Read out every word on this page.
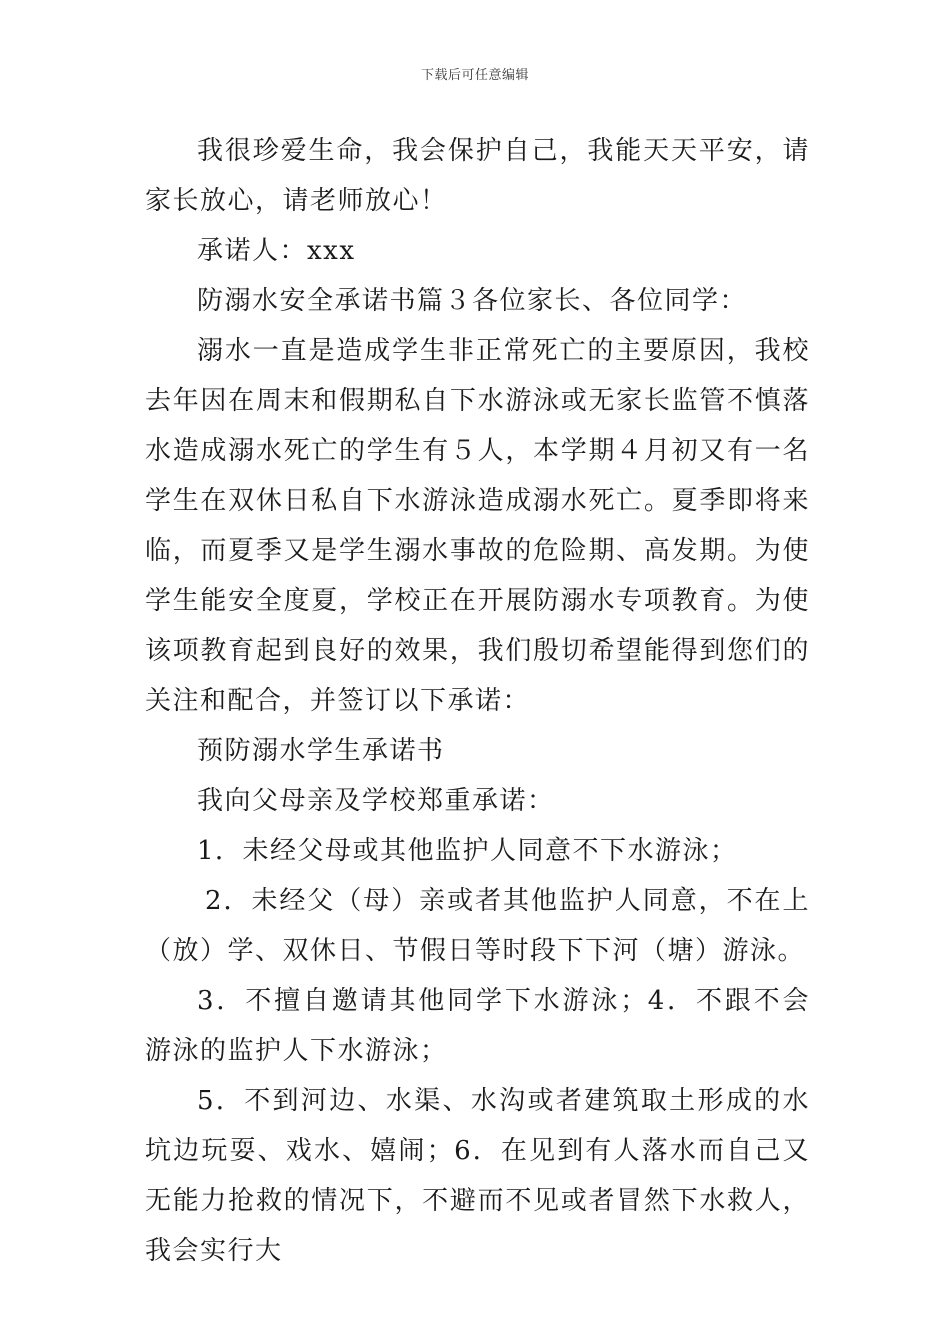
下载后可任意编辑

我很珍爱生命，我会保护自己，我能天天平安，请家长放心，请老师放心！

承诺人：xxx

防溺水安全承诺书篇３各位家长、各位同学：

溺水一直是造成学生非正常死亡的主要原因，我校去年因在周末和假期私自下水游泳或无家长监管不慎落水造成溺水死亡的学生有５人，本学期４月初又有一名学生在双休日私自下水游泳造成溺水死亡。夏季即将来临，而夏季又是学生溺水事故的危险期、高发期。为使学生能安全度夏，学校正在开展防溺水专项教育。为使该项教育起到良好的效果，我们殷切希望能得到您们的关注和配合，并签订以下承诺：

预防溺水学生承诺书

我向父母亲及学校郑重承诺：

1．未经父母或其他监护人同意不下水游泳；

2．未经父（母）亲或者其他监护人同意，不在上（放）学、双休日、节假日等时段下下河（塘）游泳。

3．不擅自邀请其他同学下水游泳；4．不跟不会游泳的监护人下水游泳；

5．不到河边、水渠、水沟或者建筑取土形成的水坑边玩耍、戏水、嬉闹；6．在见到有人落水而自己又无能力抢救的情况下，不避而不见或者冒然下水救人，我会实行大
